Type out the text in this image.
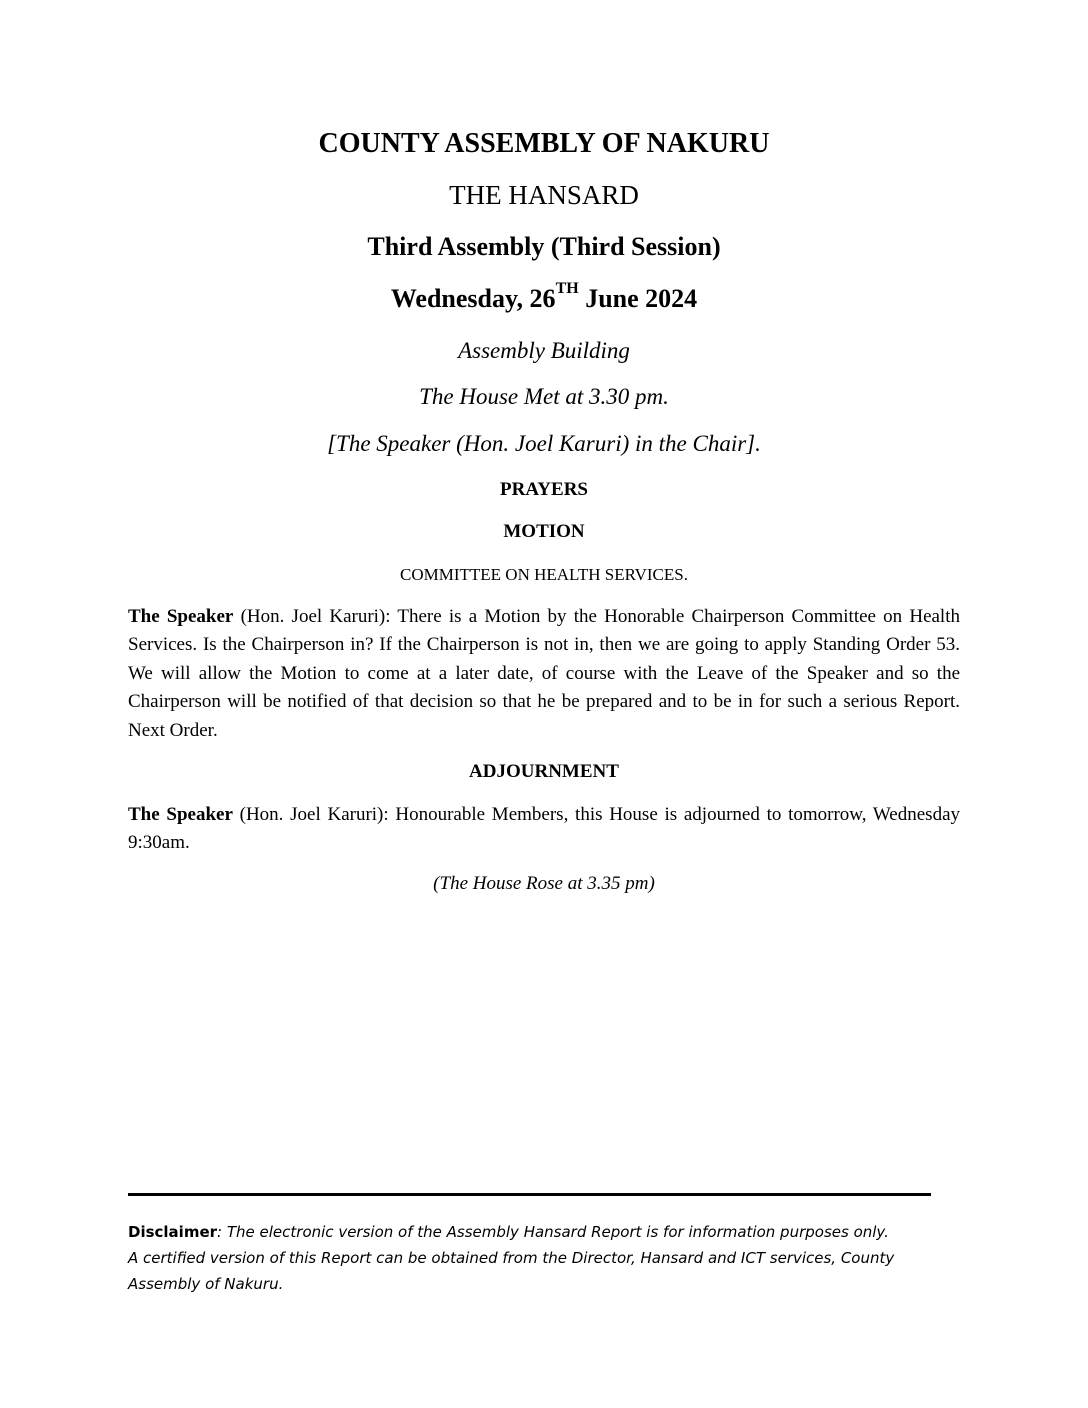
COUNTY ASSEMBLY OF NAKURU
THE HANSARD
Third Assembly (Third Session)
Wednesday, 26TH June 2024
Assembly Building
The House Met at 3.30 pm.
[The Speaker (Hon. Joel Karuri) in the Chair].
PRAYERS
MOTION
COMMITTEE ON HEALTH SERVICES.
The Speaker (Hon. Joel Karuri): There is a Motion by the Honorable Chairperson Committee on Health Services. Is the Chairperson in? If the Chairperson is not in, then we are going to apply Standing Order 53. We will allow the Motion to come at a later date, of course with the Leave of the Speaker and so the Chairperson will be notified of that decision so that he be prepared and to be in for such a serious Report. Next Order.
ADJOURNMENT
The Speaker (Hon. Joel Karuri): Honourable Members, this House is adjourned to tomorrow, Wednesday 9:30am.
(The House Rose at 3.35 pm)
Disclaimer: The electronic version of the Assembly Hansard Report is for information purposes only.
A certified version of this Report can be obtained from the Director, Hansard and ICT services, County
Assembly of Nakuru.
